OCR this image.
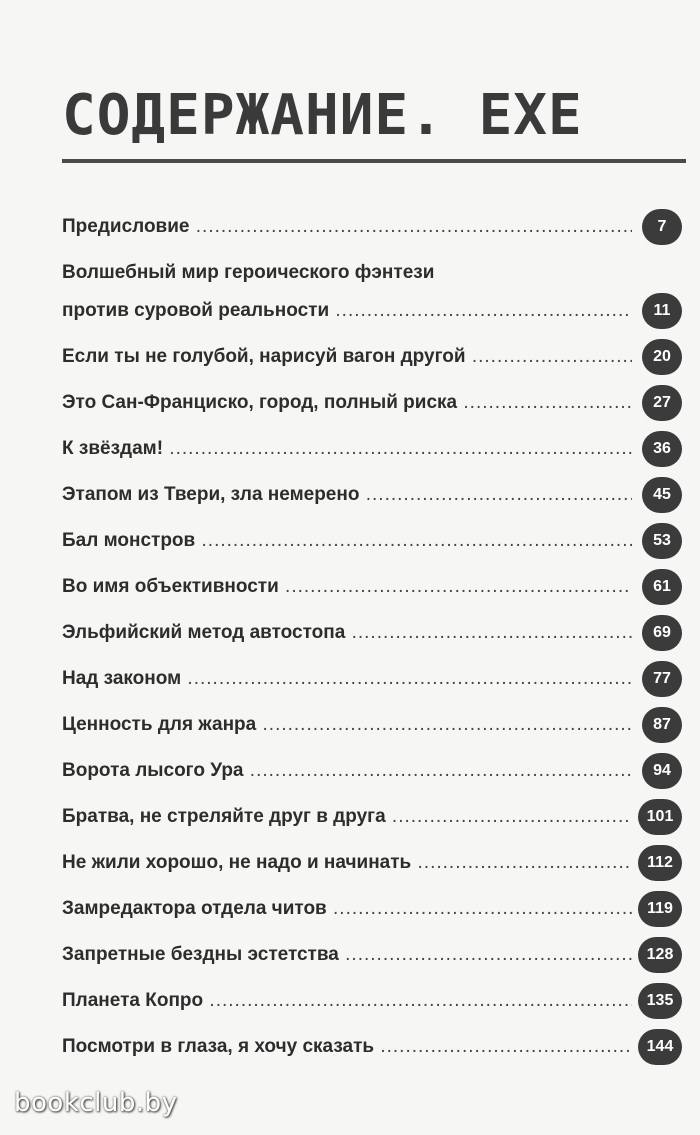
СОДЕРЖАНИЕ. ЕХЕ
Предисловие .....	7
Волшебный мир героического фэнтези
против суровой реальности .....	11
Если ты не голубой, нарисуй вагон другой .....	20
Это Сан-Франциско, город, полный риска .....	27
К звёздам! .....	36
Этапом из Твери, зла немерено .....	45
Бал монстров .....	53
Во имя объективности .....	61
Эльфийский метод автостопа .....	69
Над законом .....	77
Ценность для жанра .....	87
Ворота лысого Ура .....	94
Братва, не стреляйте друг в друга .....	101
Не жили хорошо, не надо и начинать .....	112
Замредактора отдела читов .....	119
Запретные бездны эстетства .....	128
Планета Копро .....	135
Посмотри в глаза, я хочу сказать .....	144
bookclub.by
